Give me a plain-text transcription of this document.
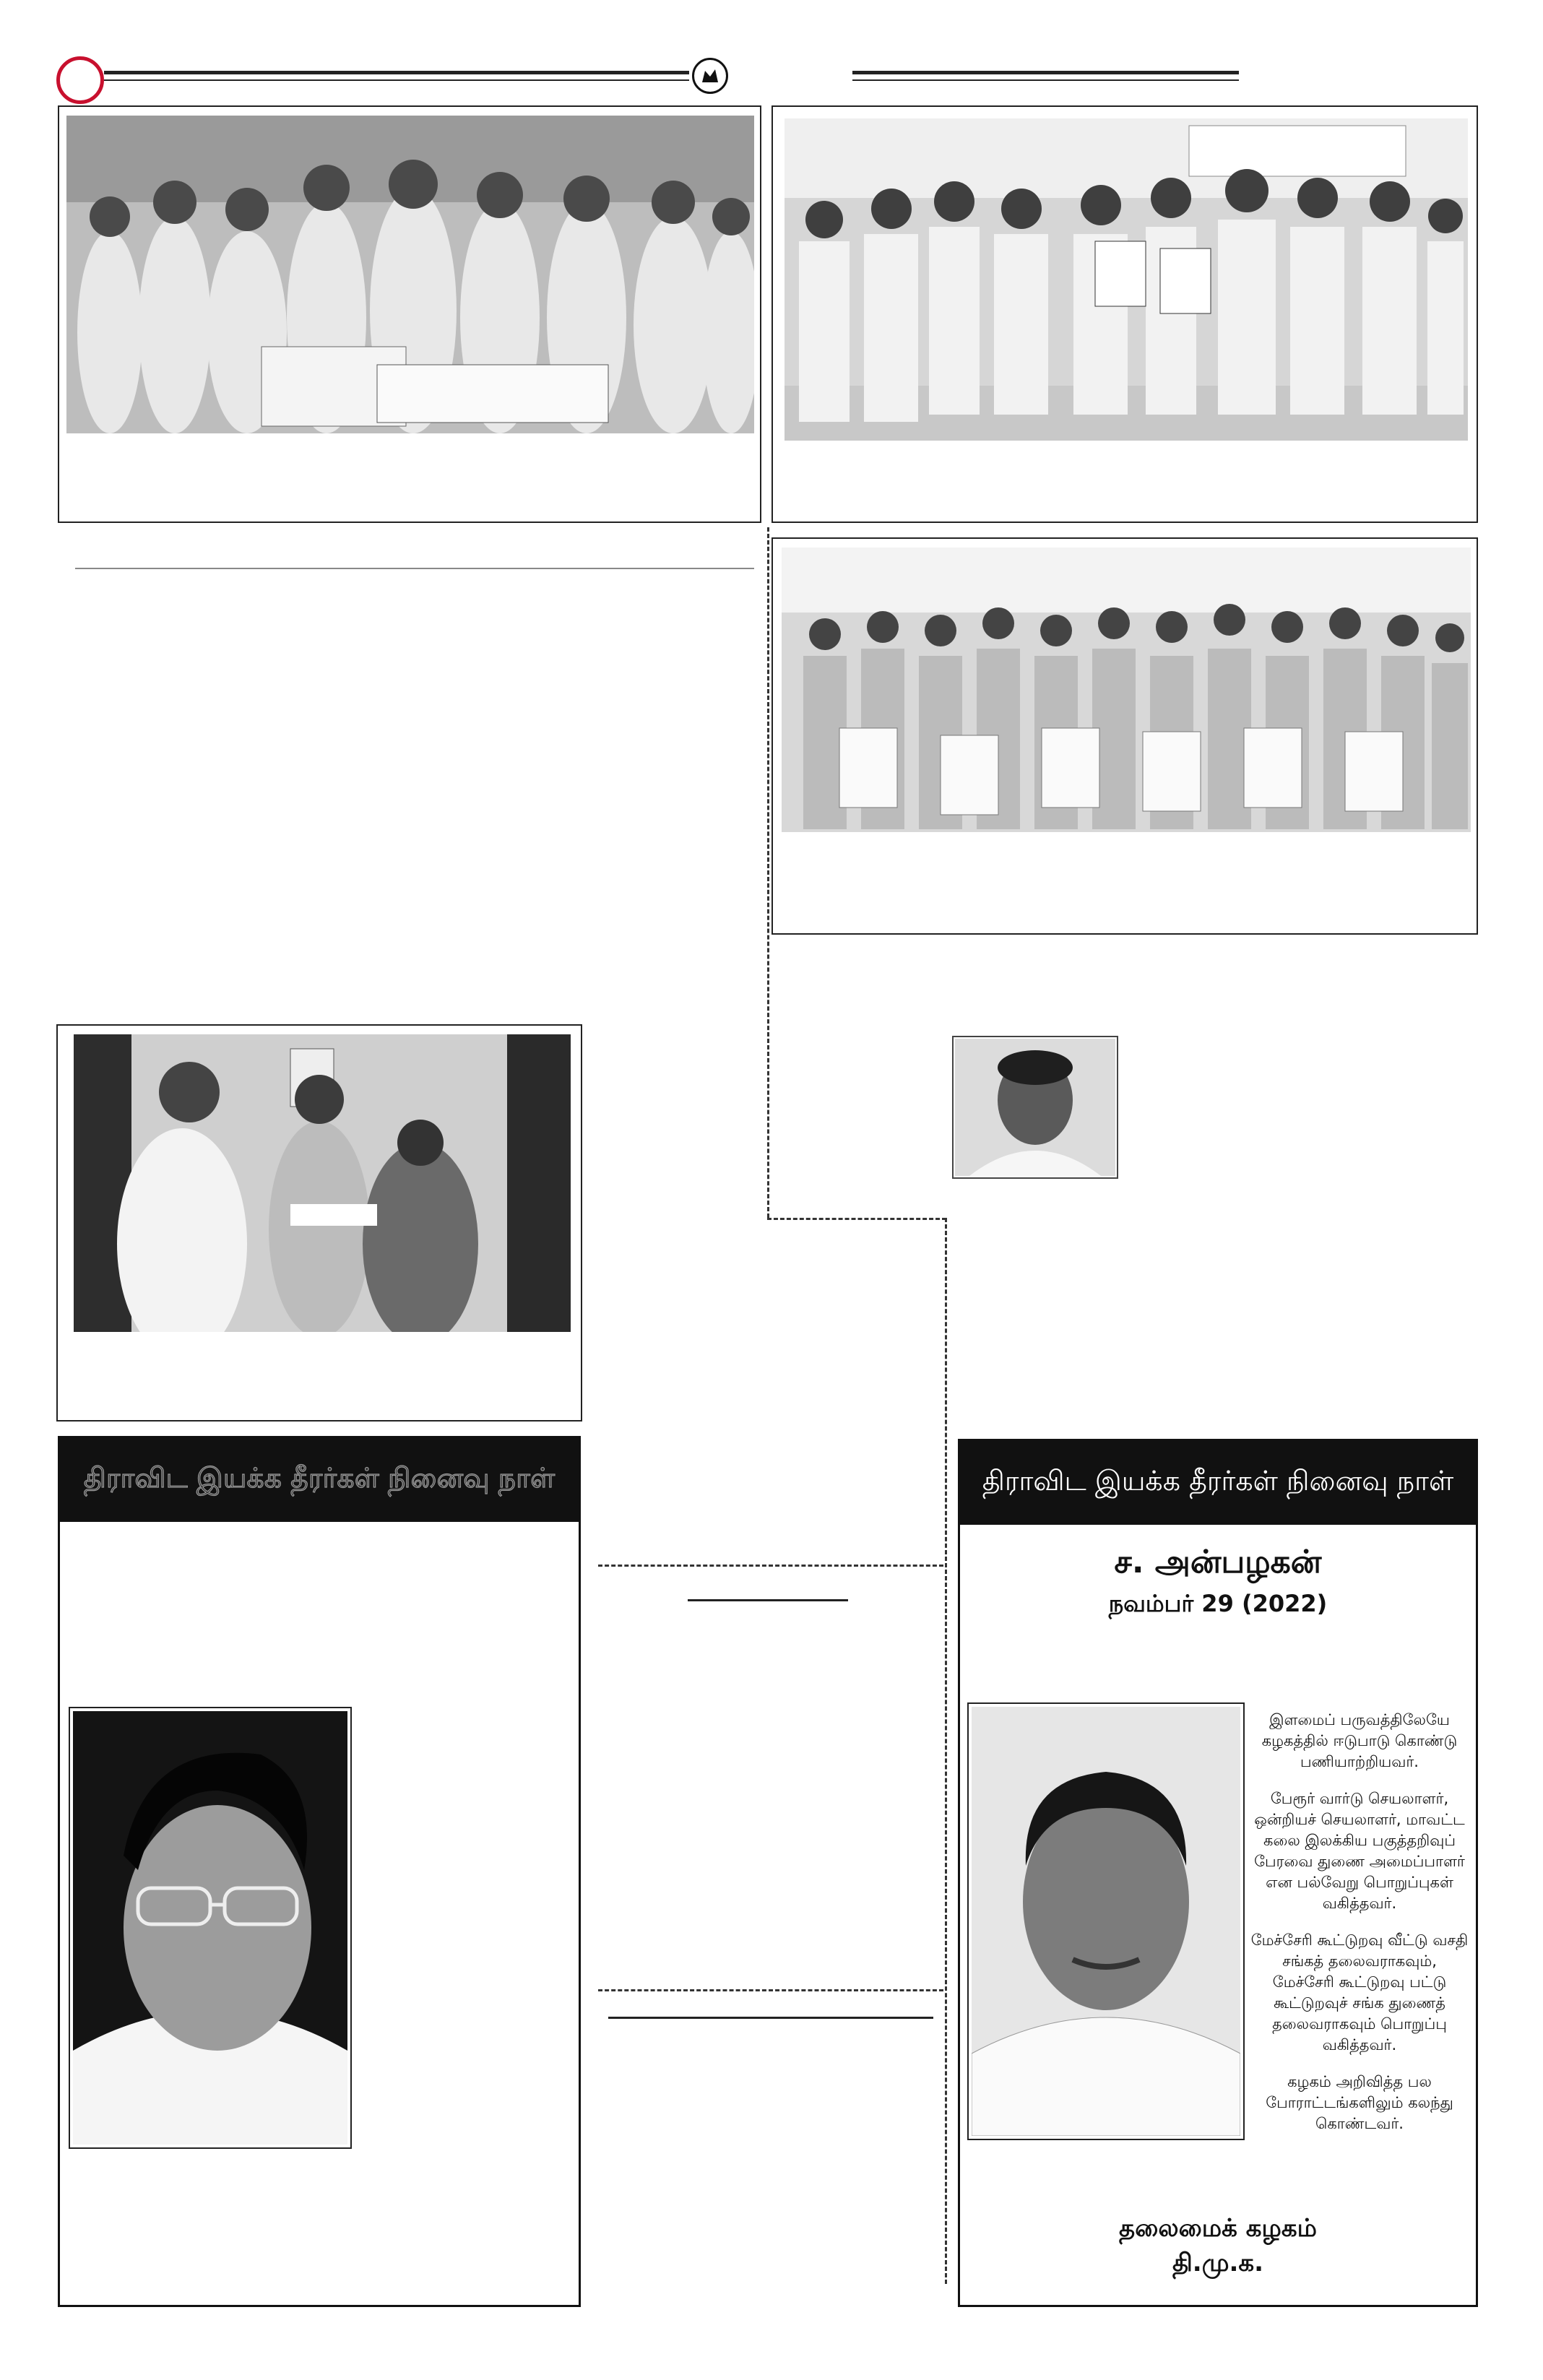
திராவிட இயக்க தீரர்கள் நினைவு நாள்	திராவிட இயக்க தீரர்கள் நினைவு நாள்
ச. அன்பழகன்
நவம்பர் 29 (2022)

இளமைப் பருவத்திலேயே கழகத்தில் ஈடுபாடு கொண்டு பணியாற்றியவர்.

பேரூர் வார்டு செயலாளர், ஒன்றியச் செயலாளர், மாவட்ட கலை இலக்கிய பகுத்தறிவுப் பேரவை துணை அமைப்பாளர் என பல்வேறு பொறுப்புகள் வகித்தவர்.

மேச்சேரி கூட்டுறவு வீட்டு வசதி சங்கத் தலைவராகவும், மேச்சேரி கூட்டுறவு பட்டு கூட்டுறவுச் சங்க துணைத் தலைவராகவும் பொறுப்பு வகித்தவர்.

கழகம் அறிவித்த பல போராட்டங்களிலும் கலந்து கொண்டவர்.

தலைமைக் கழகம்
தி.மு.க.
